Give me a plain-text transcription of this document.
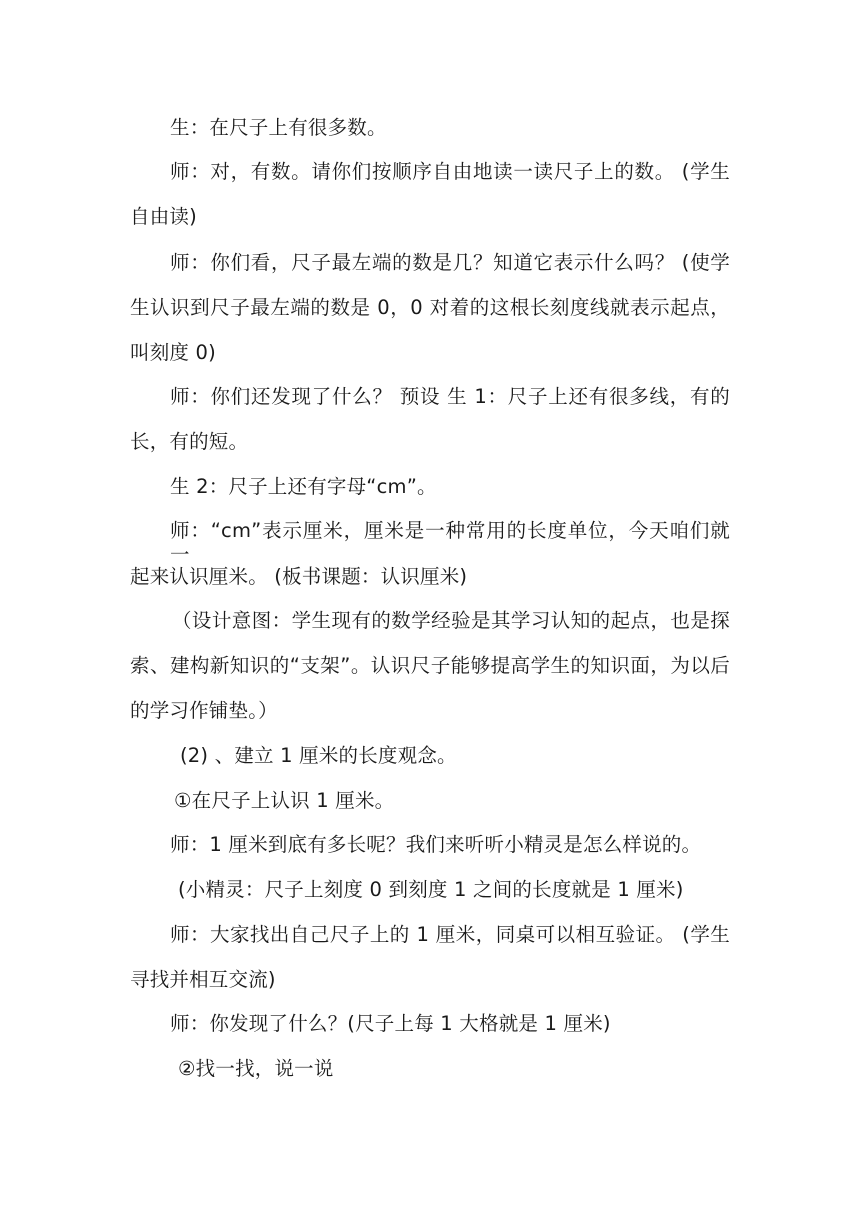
生：在尺子上有很多数。
师：对，有数。请你们按顺序自由地读一读尺子上的数。 (学生
自由读)
师：你们看，尺子最左端的数是几？知道它表示什么吗？ (使学
生认识到尺子最左端的数是 0，0 对着的这根长刻度线就表示起点，
叫刻度 0)
师：你们还发现了什么？ 预设 生 1：尺子上还有很多线，有的
长，有的短。
生 2：尺子上还有字母“cm”。
师：“cm”表示厘米，厘米是一种常用的长度单位，今天咱们就一
起来认识厘米。 (板书课题：认识厘米)
（设计意图：学生现有的数学经验是其学习认知的起点，也是探
索、建构新知识的“支架”。认识尺子能够提高学生的知识面，为以后
的学习作铺垫。）
(2) 、建立 1 厘米的长度观念。
①在尺子上认识 1 厘米。
师：1 厘米到底有多长呢？我们来听听小精灵是怎么样说的。
(小精灵：尺子上刻度 0 到刻度 1 之间的长度就是 1 厘米)
师：大家找出自己尺子上的 1 厘米，同桌可以相互验证。 (学生
寻找并相互交流)
师：你发现了什么？(尺子上每 1 大格就是 1 厘米)
②找一找，说一说
